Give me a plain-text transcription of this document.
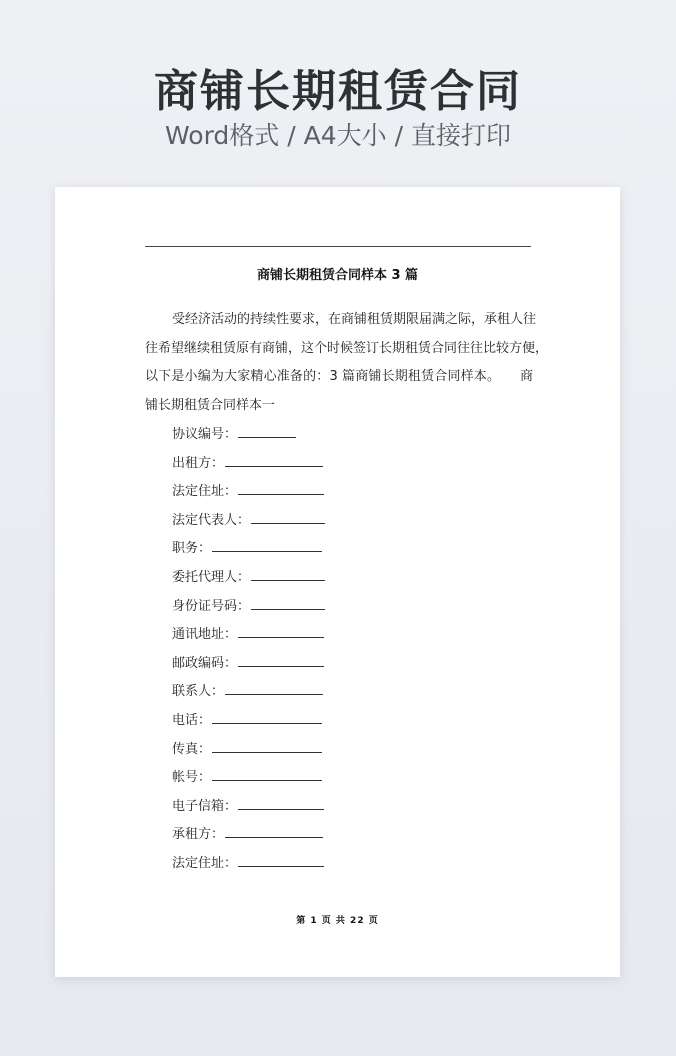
商铺长期租赁合同
Word格式 / A4大小 / 直接打印
商铺长期租赁合同样本 3 篇
受经济活动的持续性要求，在商铺租赁期限届满之际，承租人往
往希望继续租赁原有商铺，这个时候签订长期租赁合同往往比较方便，
以下是小编为大家精心准备的：3 篇商铺长期租赁合同样本。　　商
铺长期租赁合同样本一
协议编号：
出租方：
法定住址：
法定代表人：
职务：
委托代理人：
身份证号码：
通讯地址：
邮政编码：
联系人：
电话：
传真：
帐号：
电子信箱：
承租方：
法定住址：
第 1 页 共 22 页
